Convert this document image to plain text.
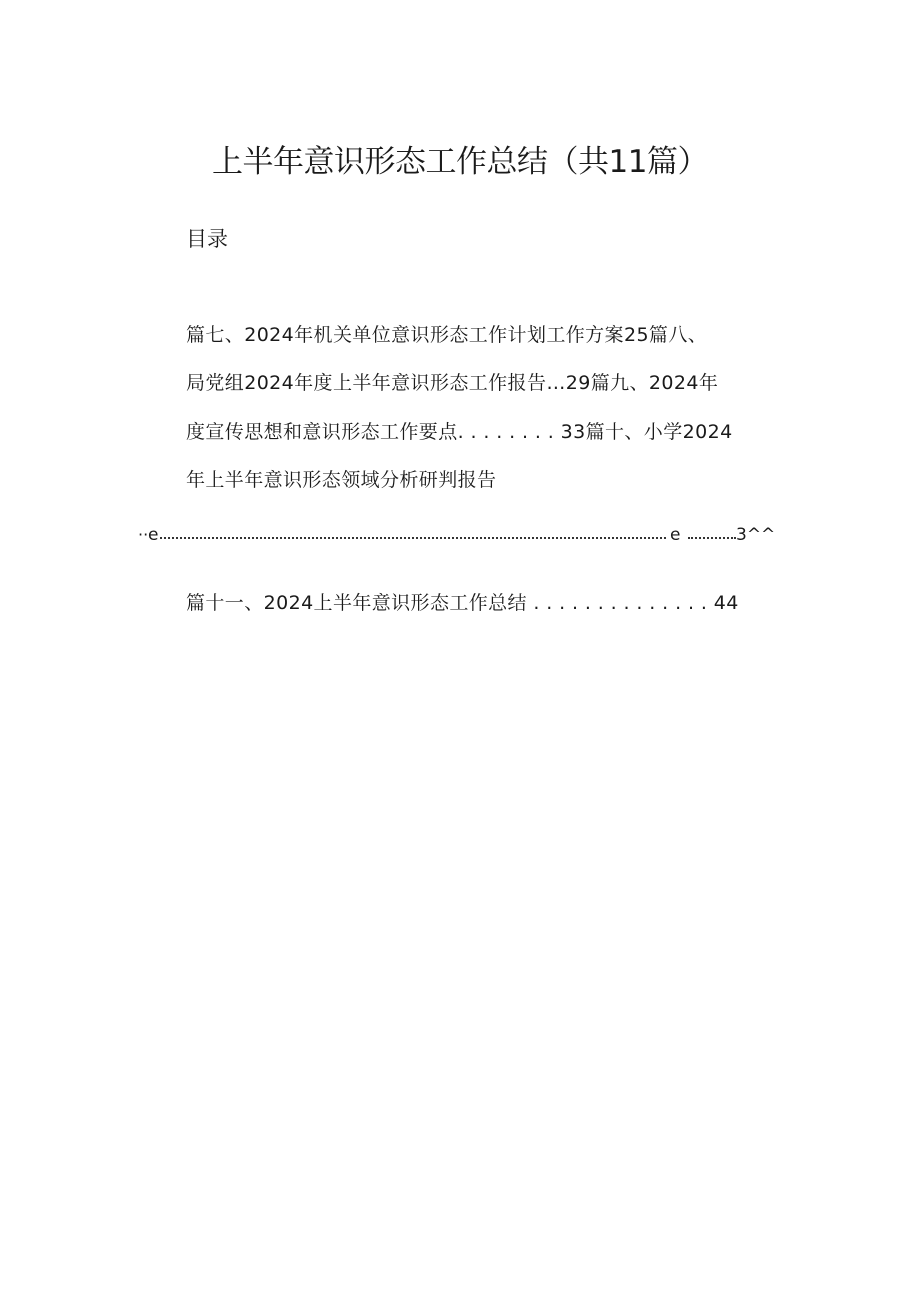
上半年意识形态工作总结（共11篇）
目录
篇七、2024年机关单位意识形态工作计划工作方案25篇八、
局党组2024年度上半年意识形态工作报告…29篇九、2024年
度宣传思想和意识形态工作要点. . . . . . . . 33篇十、小学2024
年上半年意识形态领域分析研判报告
·· e	e	3^^
篇十一、2024上半年意识形态工作总结 . . . . . . . . . . . . . . 44
